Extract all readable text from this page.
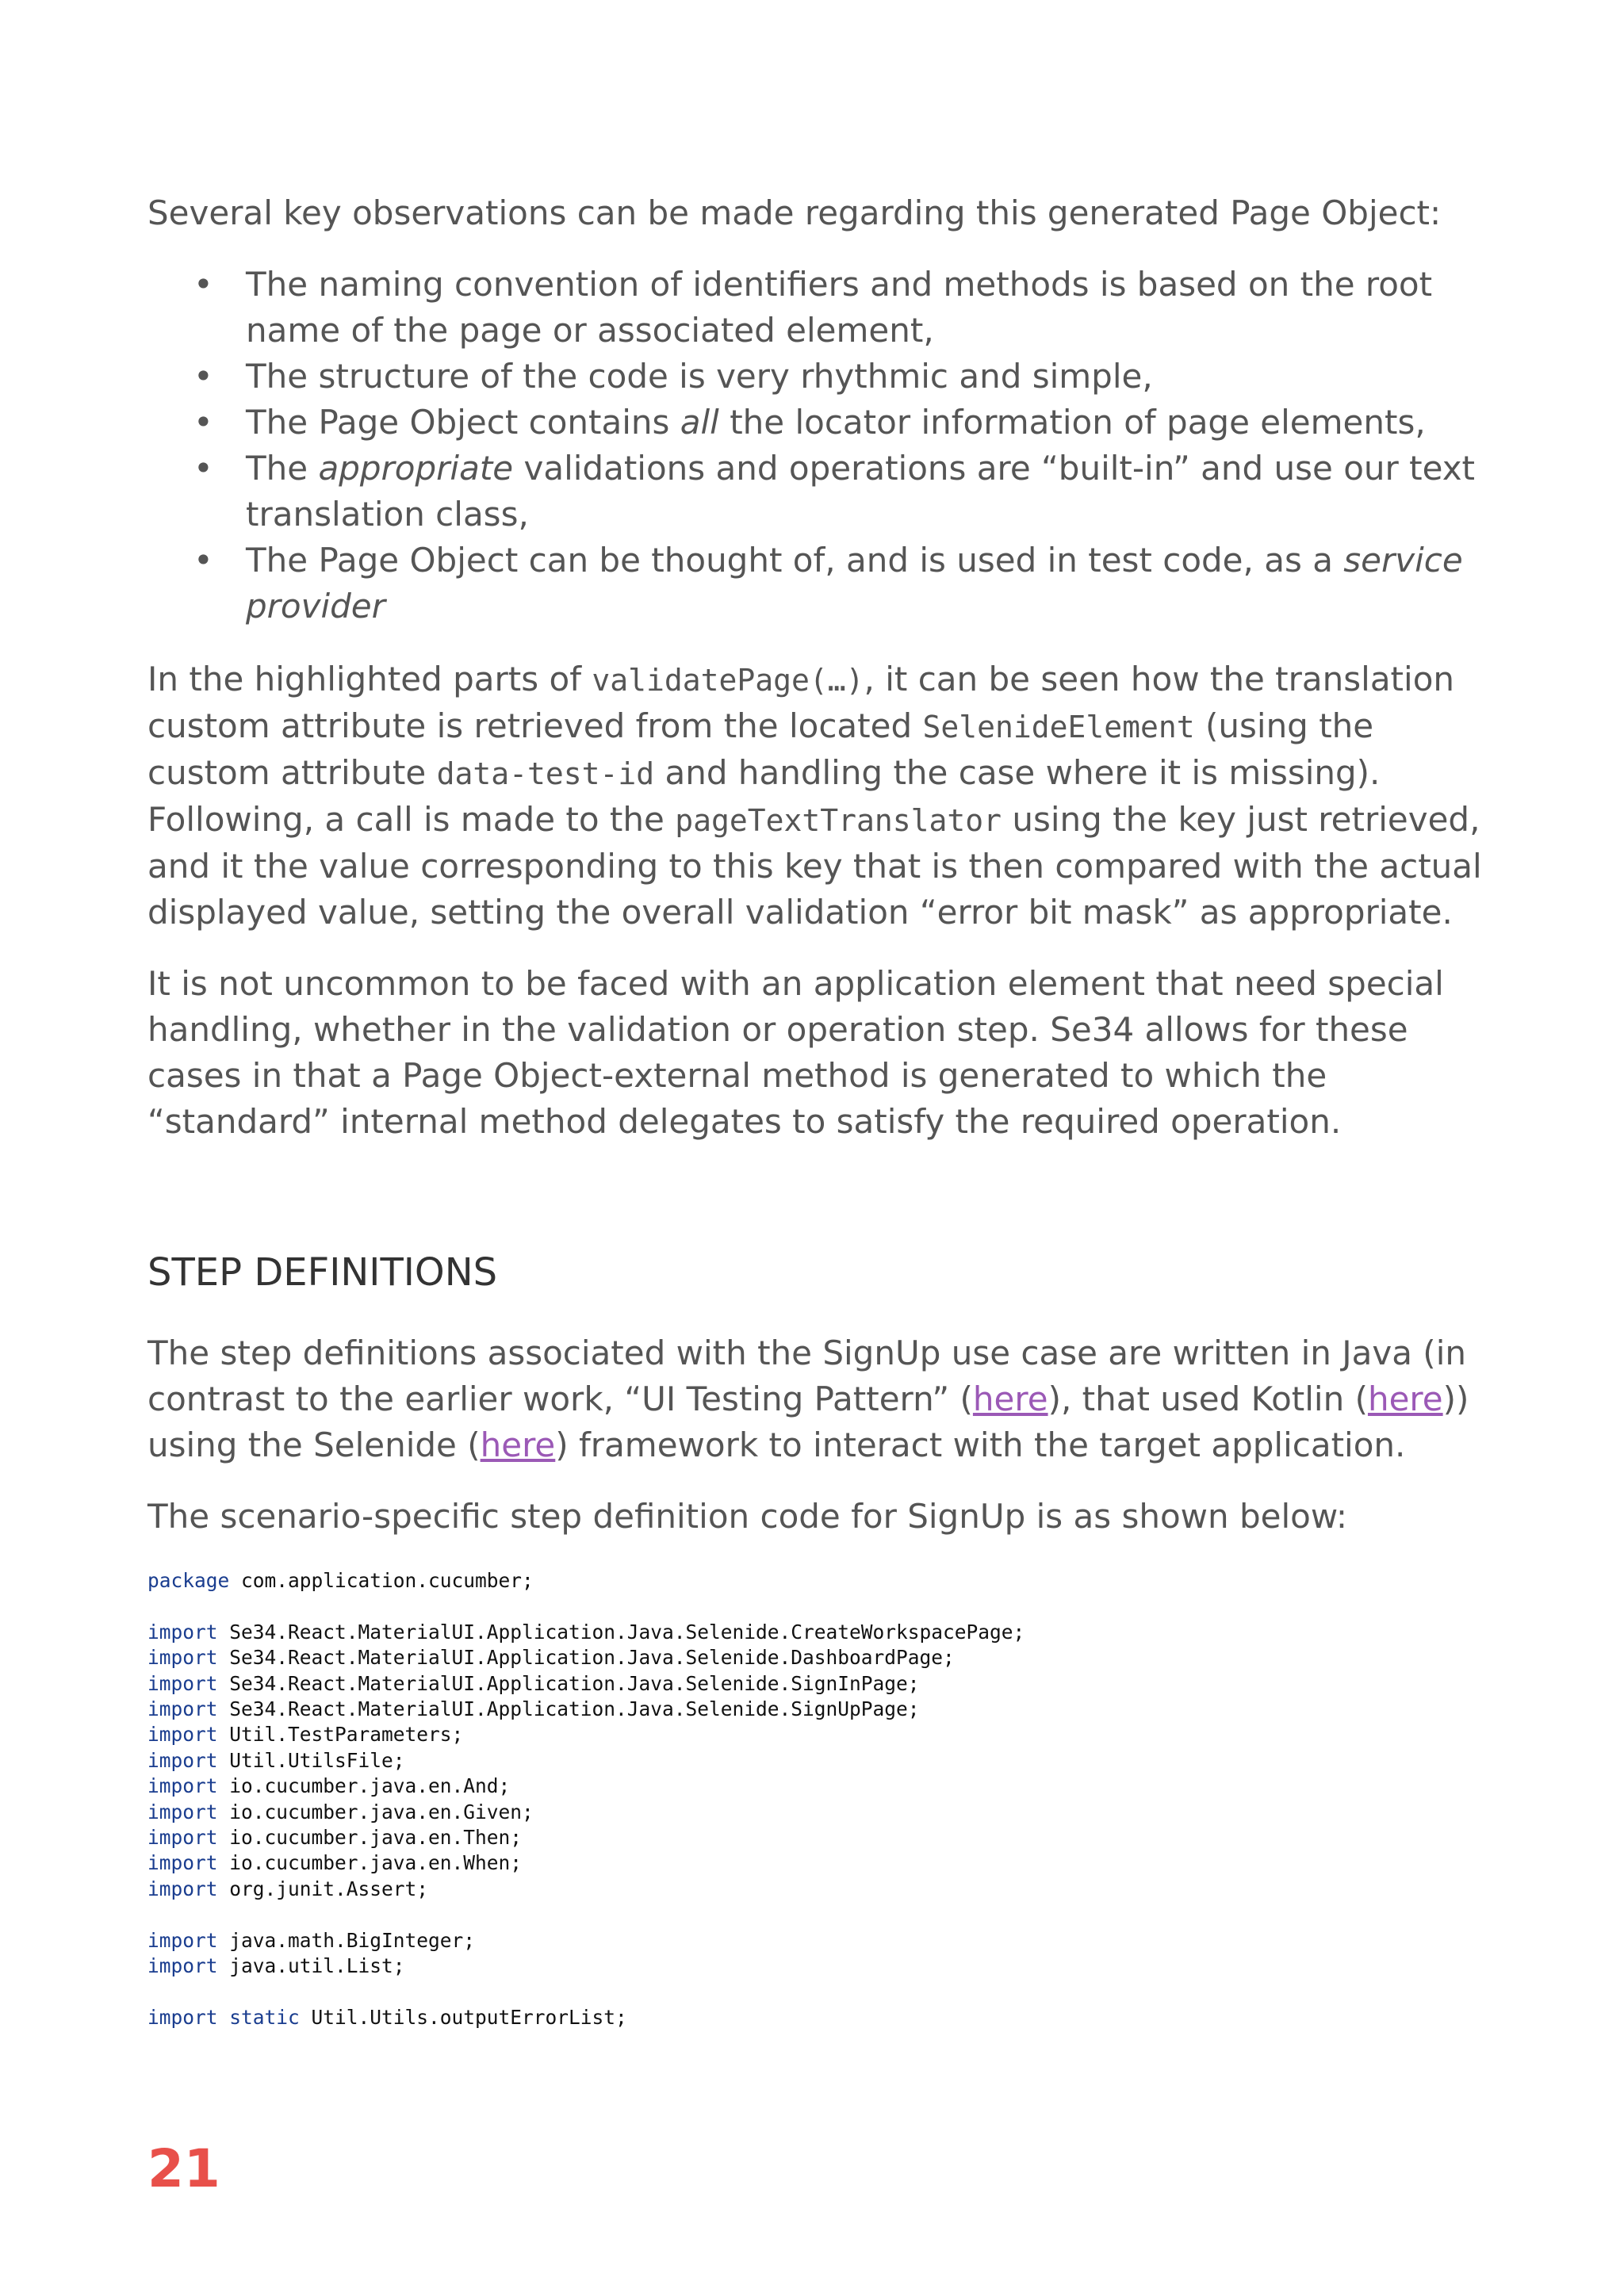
Several key observations can be made regarding this generated Page Object:

• The naming convention of identifiers and methods is based on the root name of the page or associated element,
• The structure of the code is very rhythmic and simple,
• The Page Object contains all the locator information of page elements,
• The appropriate validations and operations are “built-in” and use our text translation class,
• The Page Object can be thought of, and is used in test code, as a service provider

In the highlighted parts of validatePage(…), it can be seen how the translation custom attribute is retrieved from the located SelenideElement (using the custom attribute data-test-id and handling the case where it is missing). Following, a call is made to the pageTextTranslator using the key just retrieved, and it the value corresponding to this key that is then compared with the actual displayed value, setting the overall validation “error bit mask” as appropriate.

It is not uncommon to be faced with an application element that need special handling, whether in the validation or operation step. Se34 allows for these cases in that a Page Object-external method is generated to which the “standard” internal method delegates to satisfy the required operation.

STEP DEFINITIONS

The step definitions associated with the SignUp use case are written in Java (in contrast to the earlier work, “UI Testing Pattern” (here), that used Kotlin (here)) using the Selenide (here) framework to interact with the target application.

The scenario-specific step definition code for SignUp is as shown below:

package com.application.cucumber;
import Se34.React.MaterialUI.Application.Java.Selenide.CreateWorkspacePage;
import Se34.React.MaterialUI.Application.Java.Selenide.DashboardPage;
import Se34.React.MaterialUI.Application.Java.Selenide.SignInPage;
import Se34.React.MaterialUI.Application.Java.Selenide.SignUpPage;
import Util.TestParameters;
import Util.UtilsFile;
import io.cucumber.java.en.And;
import io.cucumber.java.en.Given;
import io.cucumber.java.en.Then;
import io.cucumber.java.en.When;
import org.junit.Assert;
import java.math.BigInteger;
import java.util.List;
import static Util.Utils.outputErrorList;
21
